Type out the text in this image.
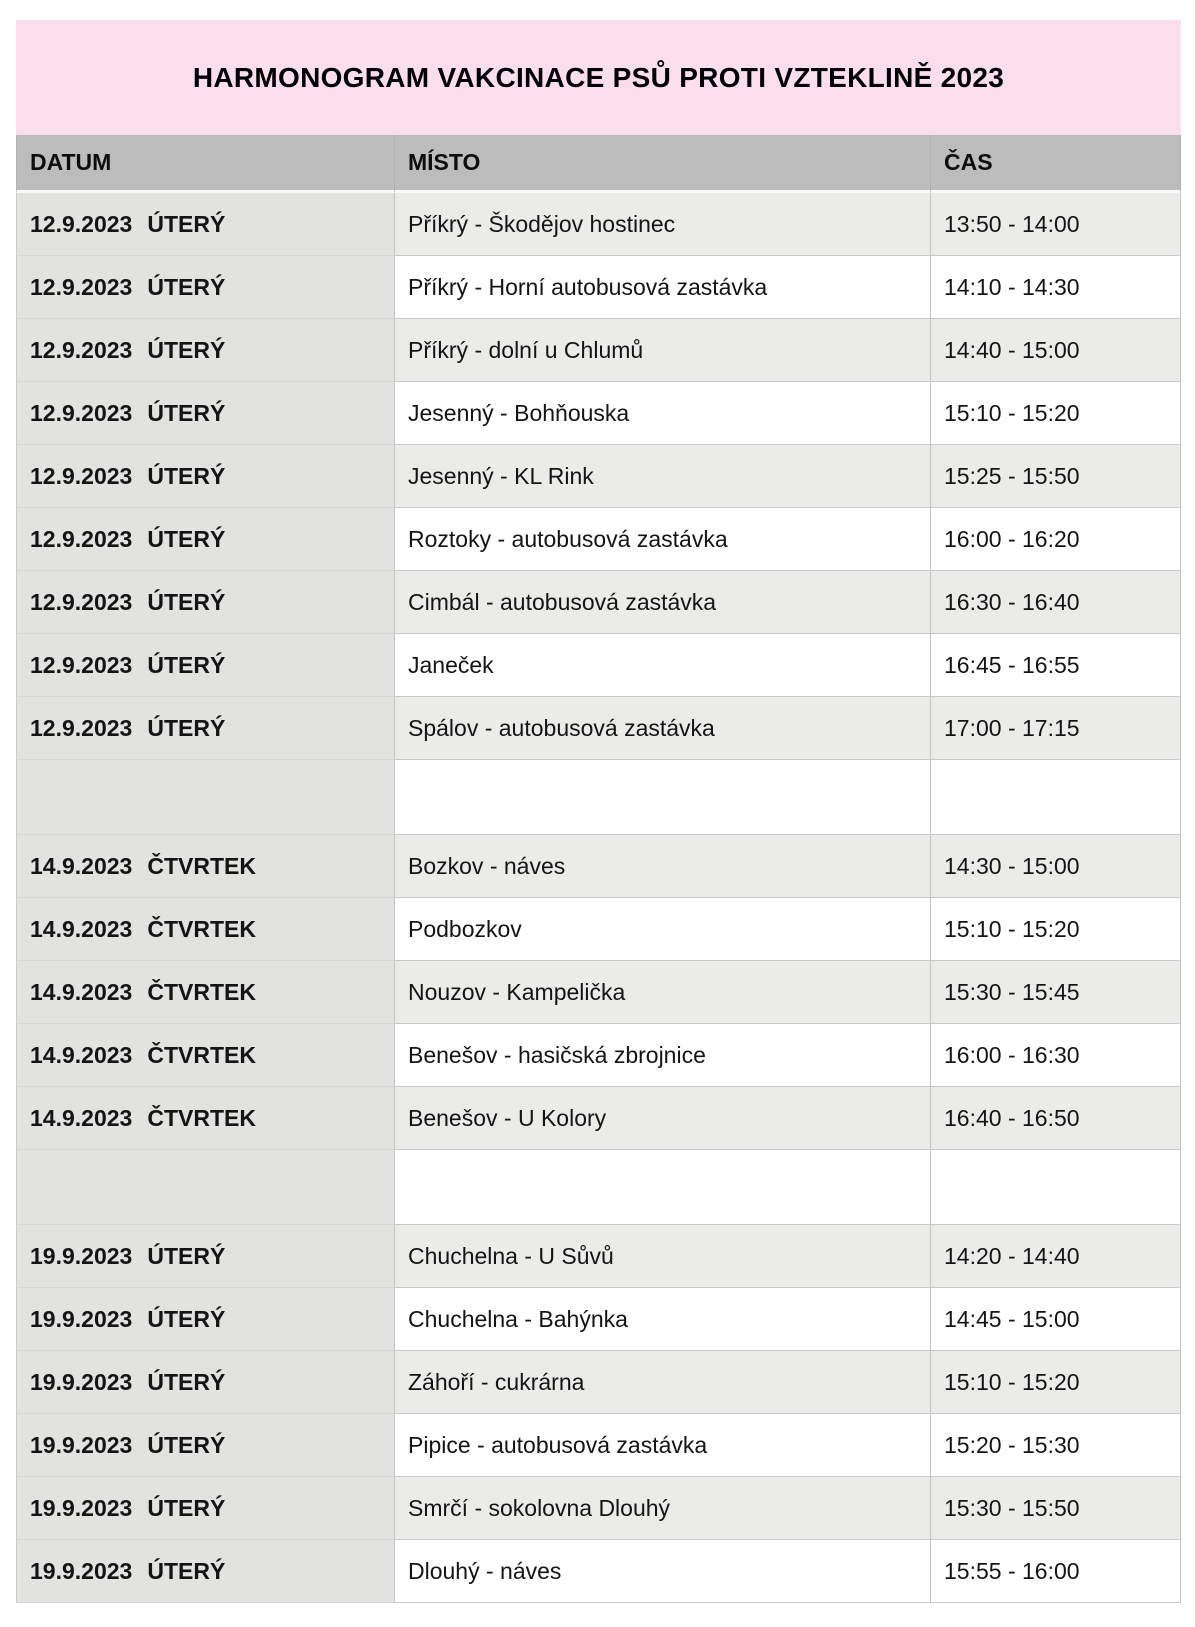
HARMONOGRAM VAKCINACE PSŮ PROTI VZTEKLINĚ 2023
DATUM	MÍSTO	ČAS
12.9.2023 ÚTERÝ	Příkrý - Škodějov hostinec	13:50 - 14:00
12.9.2023 ÚTERÝ	Příkrý - Horní autobusová zastávka	14:10 - 14:30
12.9.2023 ÚTERÝ	Příkrý - dolní u Chlumů	14:40 - 15:00
12.9.2023 ÚTERÝ	Jesenný - Bohňouska	15:10 - 15:20
12.9.2023 ÚTERÝ	Jesenný - KL Rink	15:25 - 15:50
12.9.2023 ÚTERÝ	Roztoky - autobusová zastávka	16:00 - 16:20
12.9.2023 ÚTERÝ	Cimbál - autobusová zastávka	16:30 - 16:40
12.9.2023 ÚTERÝ	Janeček	16:45 - 16:55
12.9.2023 ÚTERÝ	Spálov - autobusová zastávka	17:00 - 17:15

14.9.2023 ČTVRTEK	Bozkov - náves	14:30 - 15:00
14.9.2023 ČTVRTEK	Podbozkov	15:10 - 15:20
14.9.2023 ČTVRTEK	Nouzov - Kampelička	15:30 - 15:45
14.9.2023 ČTVRTEK	Benešov - hasičská zbrojnice	16:00 - 16:30
14.9.2023 ČTVRTEK	Benešov - U Kolory	16:40 - 16:50

19.9.2023 ÚTERÝ	Chuchelna - U Sůvů	14:20 - 14:40
19.9.2023 ÚTERÝ	Chuchelna - Bahýnka	14:45 - 15:00
19.9.2023 ÚTERÝ	Záhoří - cukrárna	15:10 - 15:20
19.9.2023 ÚTERÝ	Pipice - autobusová zastávka	15:20 - 15:30
19.9.2023 ÚTERÝ	Smrčí - sokolovna Dlouhý	15:30 - 15:50
19.9.2023 ÚTERÝ	Dlouhý - náves	15:55 - 16:00
